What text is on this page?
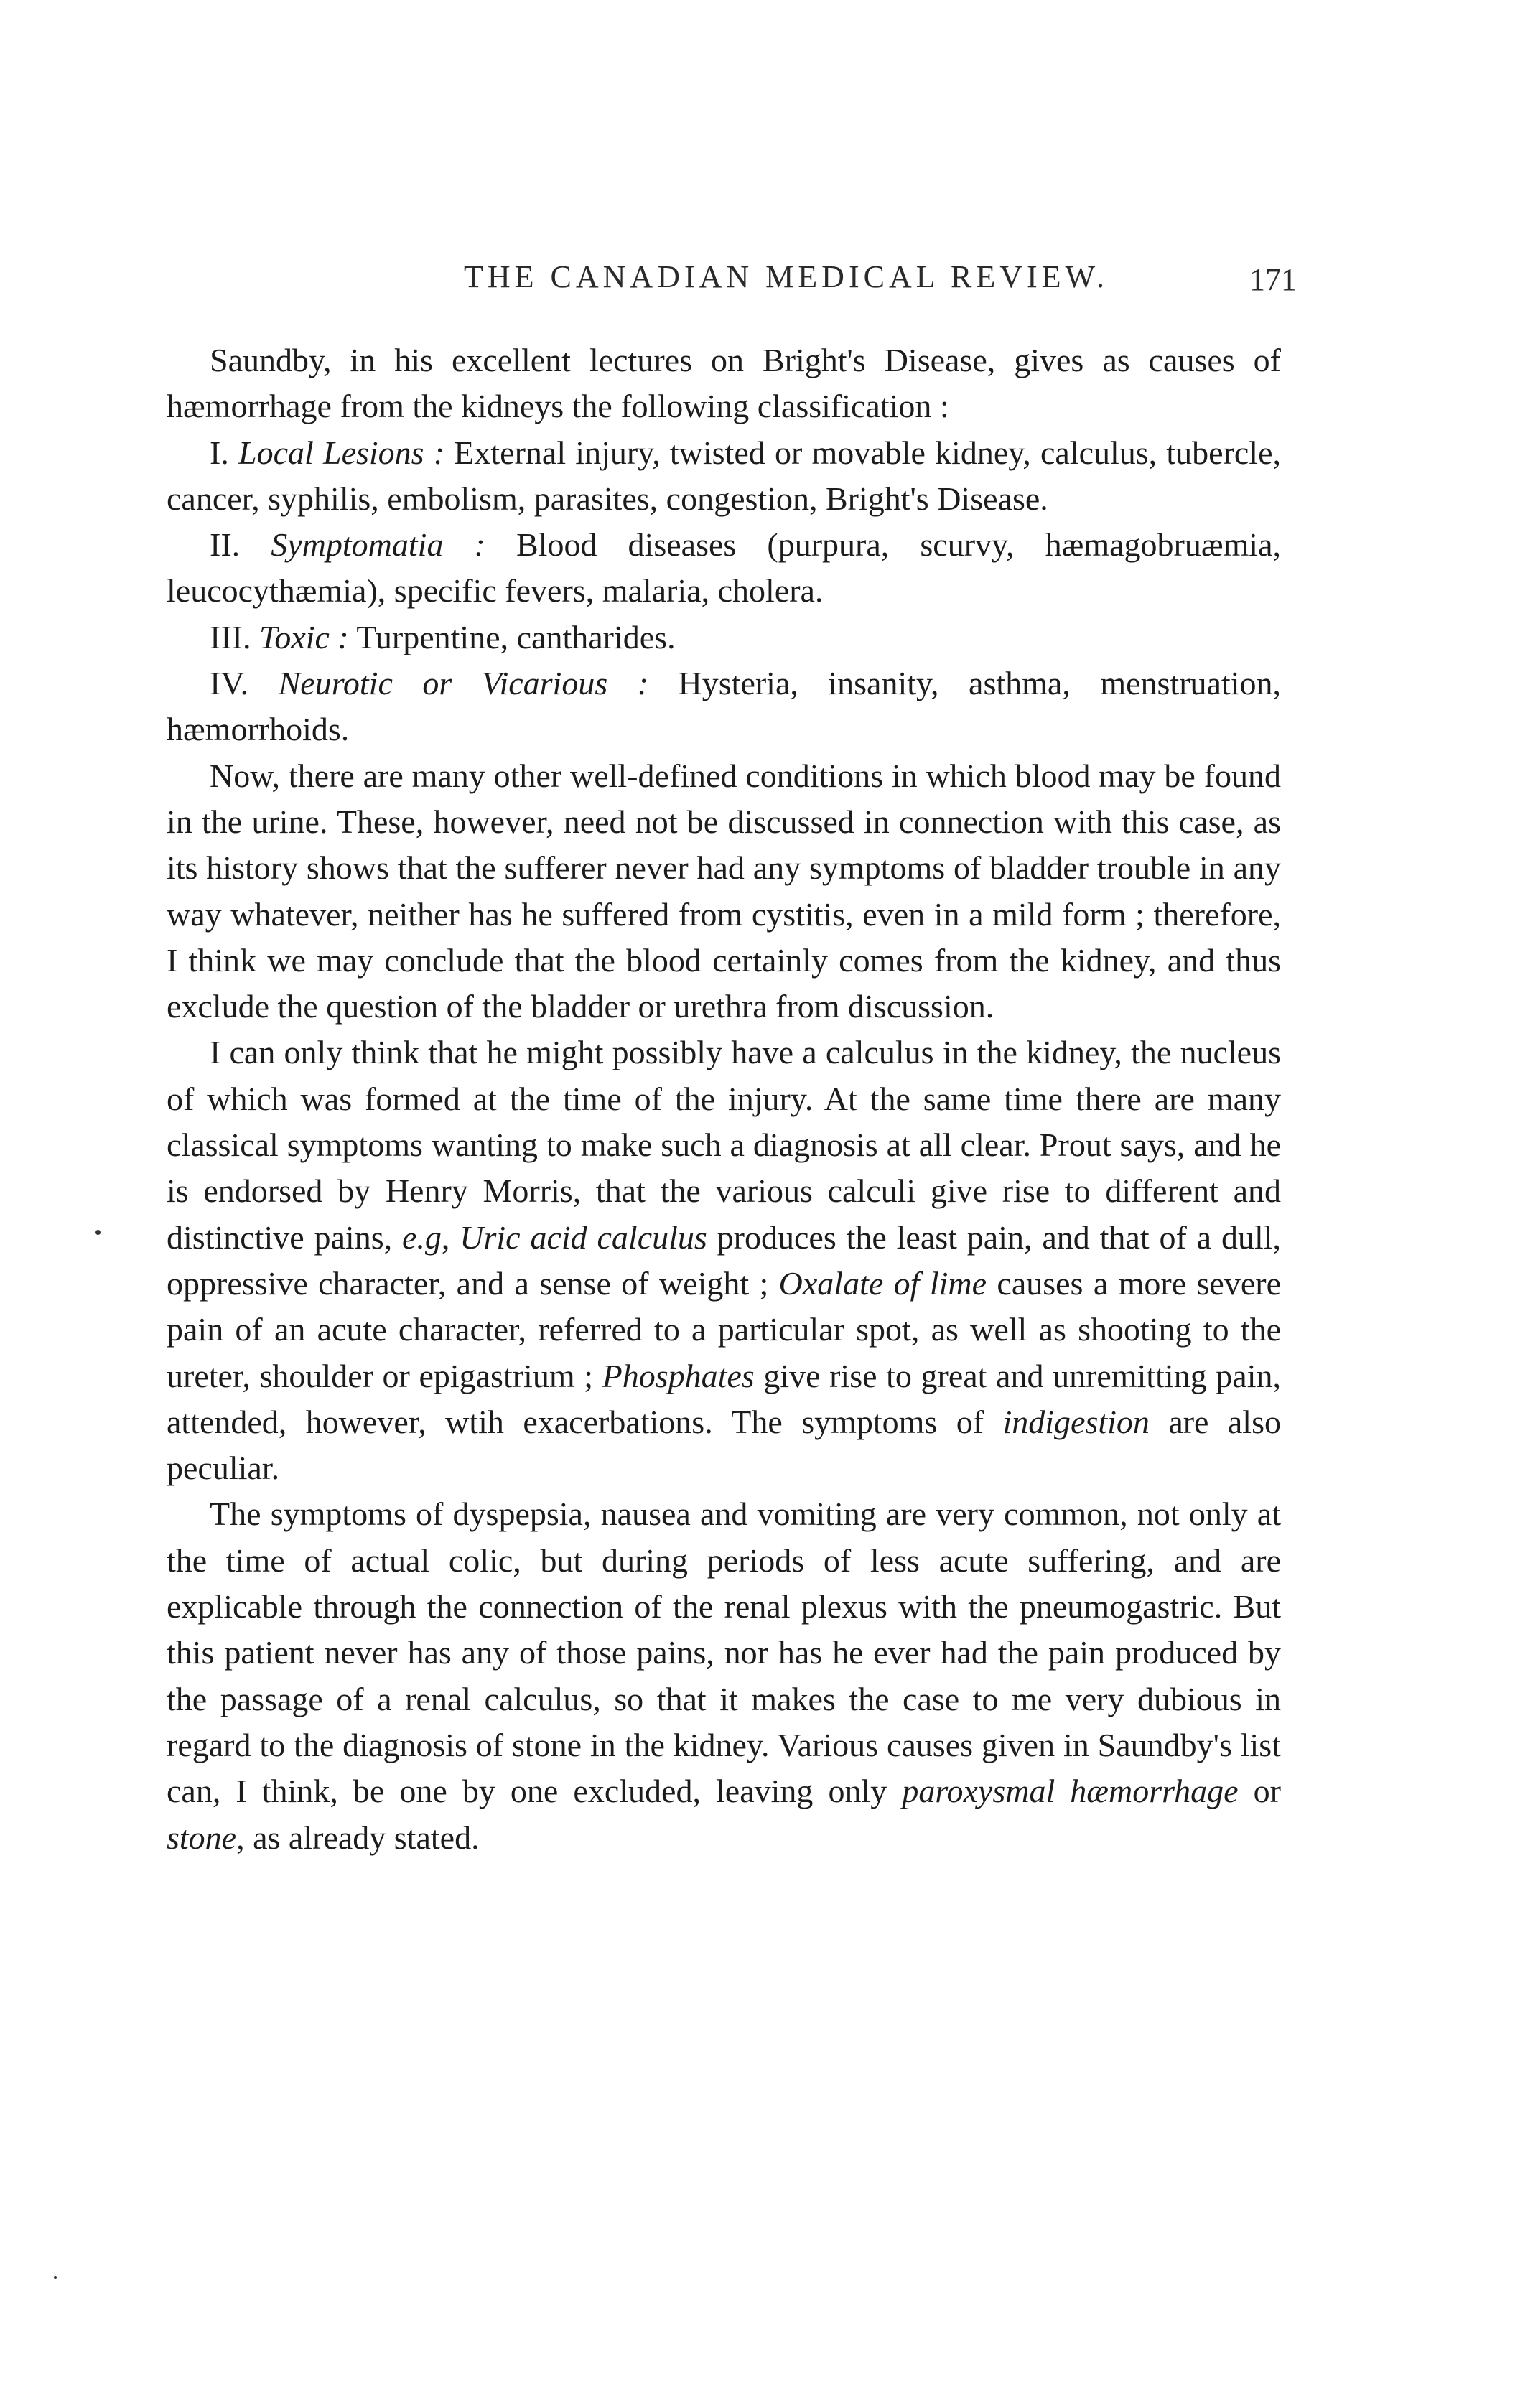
THE CANADIAN MEDICAL REVIEW.	171

Saundby, in his excellent lectures on Bright's Disease, gives as causes of hæmorrhage from the kidneys the following classification :

I. Local Lesions : External injury, twisted or movable kidney, calculus, tubercle, cancer, syphilis, embolism, parasites, congestion, Bright's Disease.

II. Symptomatia : Blood diseases (purpura, scurvy, hæmagobruæmia, leucocythæmia), specific fevers, malaria, cholera.

III. Toxic : Turpentine, cantharides.

IV. Neurotic or Vicarious : Hysteria, insanity, asthma, menstruation, hæmorrhoids.

Now, there are many other well-defined conditions in which blood may be found in the urine. These, however, need not be discussed in connection with this case, as its history shows that the sufferer never had any symptoms of bladder trouble in any way whatever, neither has he suffered from cystitis, even in a mild form ; therefore, I think we may conclude that the blood certainly comes from the kidney, and thus exclude the question of the bladder or urethra from discussion.

I can only think that he might possibly have a calculus in the kidney, the nucleus of which was formed at the time of the injury. At the same time there are many classical symptoms wanting to make such a diagnosis at all clear. Prout says, and he is endorsed by Henry Morris, that the various calculi give rise to different and distinctive pains, e.g, Uric acid calculus produces the least pain, and that of a dull, oppressive character, and a sense of weight ; Oxalate of lime causes a more severe pain of an acute character, referred to a particular spot, as well as shooting to the ureter, shoulder or epigastrium ; Phosphates give rise to great and unremitting pain, attended, however, wtih exacerbations. The symptoms of indigestion are also peculiar.

The symptoms of dyspepsia, nausea and vomiting are very common, not only at the time of actual colic, but during periods of less acute suffering, and are explicable through the connection of the renal plexus with the pneumogastric. But this patient never has any of those pains, nor has he ever had the pain produced by the passage of a renal calculus, so that it makes the case to me very dubious in regard to the diagnosis of stone in the kidney. Various causes given in Saundby's list can, I think, be one by one excluded, leaving only paroxysmal hæmorrhage or stone, as already stated.
